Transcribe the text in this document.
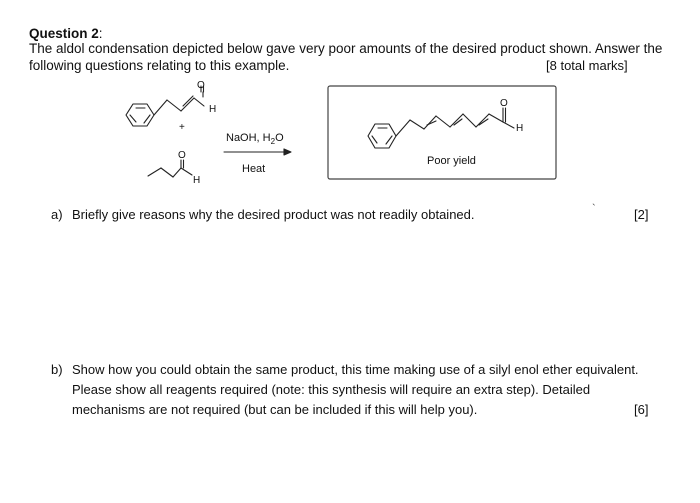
Question 2:
The aldol condensation depicted below gave very poor amounts of the desired product shown. Answer the
following questions relating to this example.	[8 total marks]
O
H
+
O
H
NaOH, $H_2O$
Heat
O
H
Poor yield
a) Briefly give reasons why the desired product was not readily obtained.	`	[2]
b) Show how you could obtain the same product, this time making use of a silyl enol ether equivalent.
Please show all reagents required (note: this synthesis will require an extra step). Detailed
mechanisms are not required (but can be included if this will help you).	[6]
